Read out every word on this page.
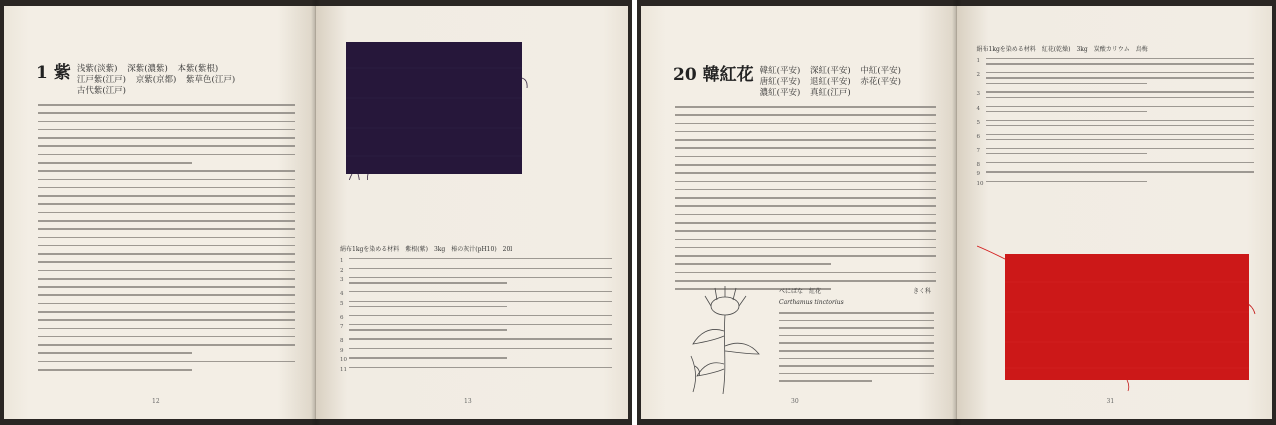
1 紫 浅紫(淡紫) 深紫(濃紫) 本紫(紫根)
江戸紫(江戸) 京紫(京都) 紫草色(江戸) 古代紫(江戸)
12
絹布1kgを染める材料　紫根(紫)　3kg　椿の灰汁(pH10)　20l
1
2
3
4
5
6
7
8
9
10
11
13
20 韓紅花 韓紅(平安) 深紅(平安) 中紅(平安)
唐紅(平安) 退紅(平安) 赤花(平安) 濃紅(平安) 真紅(江戸)
べにばな　紅花	きく科
Carthamus tinctorius
30
絹布1kgを染める材料　紅花(乾燥)　3kg　炭酸カリウム　鳥梅
1
2
3
4
5
6
7
8
9
10
31
